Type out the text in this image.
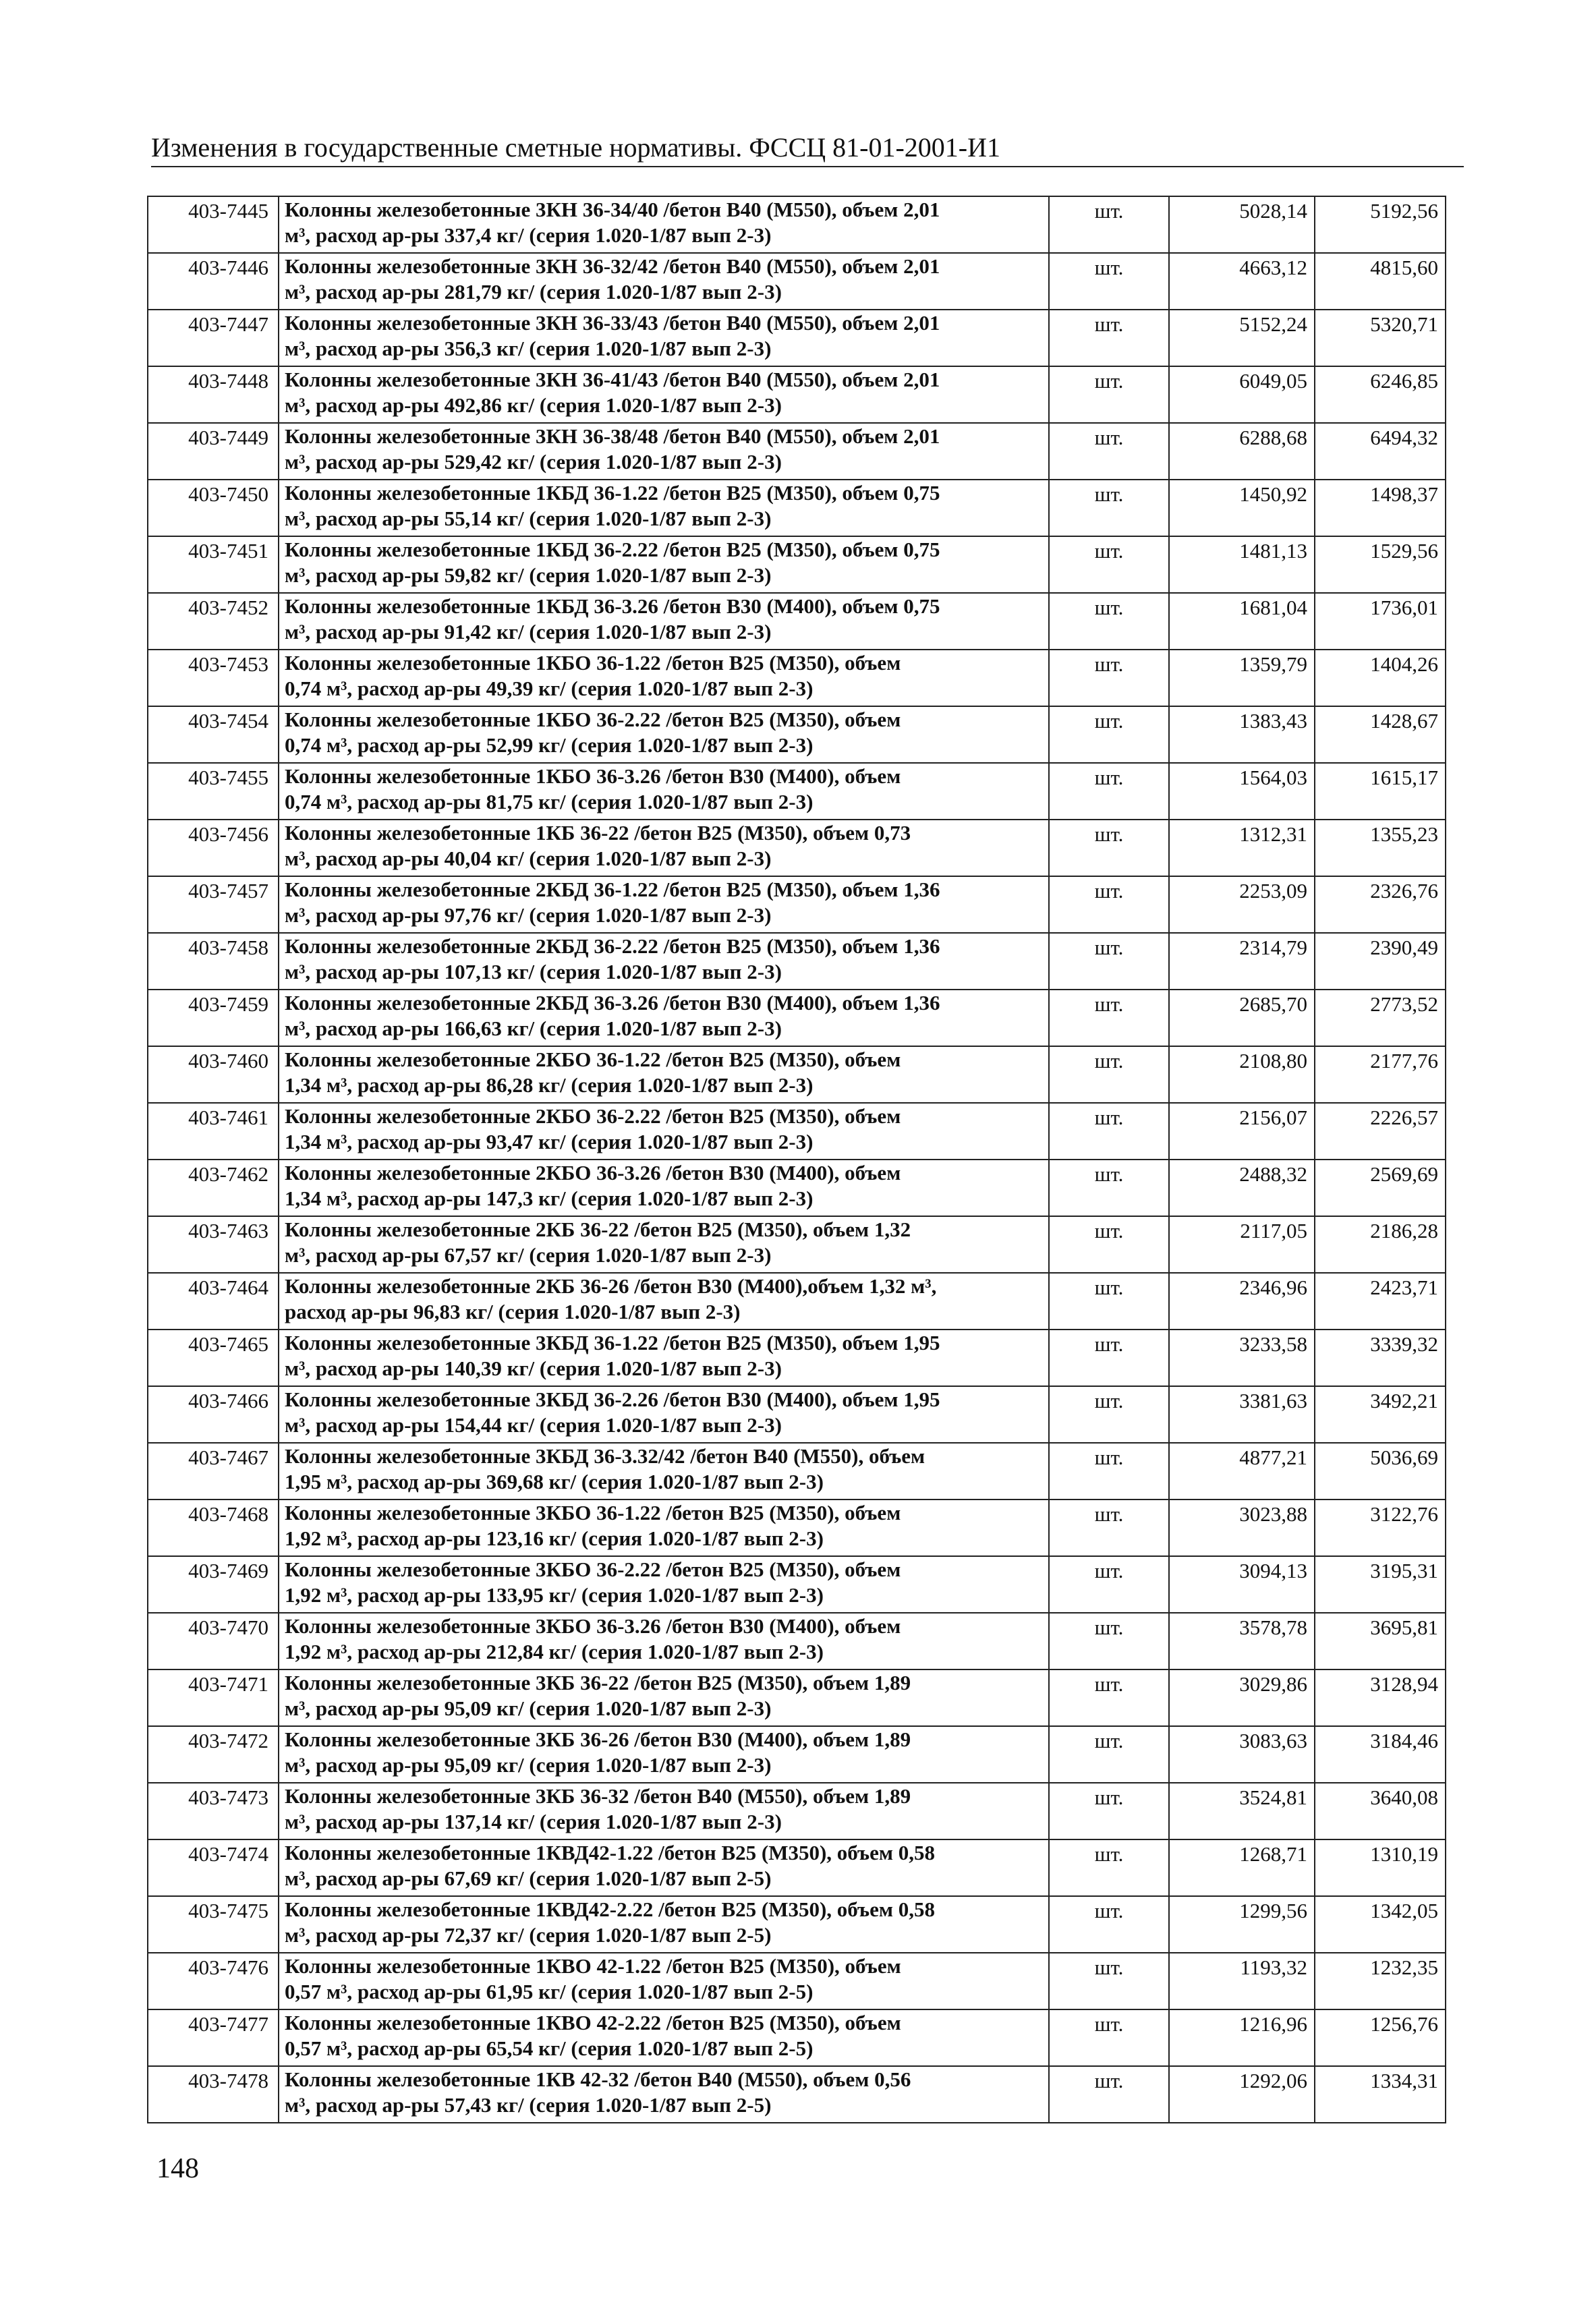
Изменения в государственные сметные нормативы. ФССЦ 81-01-2001-И1
403-7445	Колонны железобетонные 3КН 36-34/40 /бетон В40 (М550), объем 2,01
м³, расход ар-ры 337,4 кг/ (серия 1.020-1/87 вып 2-3)	шт.	5028,14	5192,56
403-7446	Колонны железобетонные 3КН 36-32/42 /бетон В40 (М550), объем 2,01
м³, расход ар-ры 281,79 кг/ (серия 1.020-1/87 вып 2-3)	шт.	4663,12	4815,60
403-7447	Колонны железобетонные 3КН 36-33/43 /бетон В40 (М550), объем 2,01
м³, расход ар-ры 356,3 кг/ (серия 1.020-1/87 вып 2-3)	шт.	5152,24	5320,71
403-7448	Колонны железобетонные 3КН 36-41/43 /бетон В40 (М550), объем 2,01
м³, расход ар-ры 492,86 кг/ (серия 1.020-1/87 вып 2-3)	шт.	6049,05	6246,85
403-7449	Колонны железобетонные 3КН 36-38/48 /бетон В40 (М550), объем 2,01
м³, расход ар-ры 529,42 кг/ (серия 1.020-1/87 вып 2-3)	шт.	6288,68	6494,32
403-7450	Колонны железобетонные 1КБД 36-1.22 /бетон В25 (М350), объем 0,75
м³, расход ар-ры 55,14 кг/ (серия 1.020-1/87 вып 2-3)	шт.	1450,92	1498,37
403-7451	Колонны железобетонные 1КБД 36-2.22 /бетон В25 (М350), объем 0,75
м³, расход ар-ры 59,82 кг/ (серия 1.020-1/87 вып 2-3)	шт.	1481,13	1529,56
403-7452	Колонны железобетонные 1КБД 36-3.26 /бетон В30 (М400), объем 0,75
м³, расход ар-ры 91,42 кг/ (серия 1.020-1/87 вып 2-3)	шт.	1681,04	1736,01
403-7453	Колонны железобетонные 1КБО 36-1.22 /бетон В25 (М350), объем
0,74 м³, расход ар-ры 49,39 кг/ (серия 1.020-1/87 вып 2-3)	шт.	1359,79	1404,26
403-7454	Колонны железобетонные 1КБО 36-2.22 /бетон В25 (М350), объем
0,74 м³, расход ар-ры 52,99 кг/ (серия 1.020-1/87 вып 2-3)	шт.	1383,43	1428,67
403-7455	Колонны железобетонные 1КБО 36-3.26 /бетон В30 (М400), объем
0,74 м³, расход ар-ры 81,75 кг/ (серия 1.020-1/87 вып 2-3)	шт.	1564,03	1615,17
403-7456	Колонны железобетонные 1КБ 36-22 /бетон В25 (М350), объем 0,73
м³, расход ар-ры 40,04 кг/ (серия 1.020-1/87 вып 2-3)	шт.	1312,31	1355,23
403-7457	Колонны железобетонные 2КБД 36-1.22 /бетон В25 (М350), объем 1,36
м³, расход ар-ры 97,76 кг/ (серия 1.020-1/87 вып 2-3)	шт.	2253,09	2326,76
403-7458	Колонны железобетонные 2КБД 36-2.22 /бетон В25 (М350), объем 1,36
м³, расход ар-ры 107,13 кг/ (серия 1.020-1/87 вып 2-3)	шт.	2314,79	2390,49
403-7459	Колонны железобетонные 2КБД 36-3.26 /бетон В30 (М400), объем 1,36
м³, расход ар-ры 166,63 кг/ (серия 1.020-1/87 вып 2-3)	шт.	2685,70	2773,52
403-7460	Колонны железобетонные 2КБО 36-1.22 /бетон В25 (М350), объем
1,34 м³, расход ар-ры 86,28 кг/ (серия 1.020-1/87 вып 2-3)	шт.	2108,80	2177,76
403-7461	Колонны железобетонные 2КБО 36-2.22 /бетон В25 (М350), объем
1,34 м³, расход ар-ры 93,47 кг/ (серия 1.020-1/87 вып 2-3)	шт.	2156,07	2226,57
403-7462	Колонны железобетонные 2КБО 36-3.26 /бетон В30 (М400), объем
1,34 м³, расход ар-ры 147,3 кг/ (серия 1.020-1/87 вып 2-3)	шт.	2488,32	2569,69
403-7463	Колонны железобетонные 2КБ 36-22 /бетон В25 (М350), объем 1,32
м³, расход ар-ры 67,57 кг/ (серия 1.020-1/87 вып 2-3)	шт.	2117,05	2186,28
403-7464	Колонны железобетонные 2КБ 36-26 /бетон В30 (М400),объем 1,32 м³,
расход ар-ры 96,83 кг/ (серия 1.020-1/87 вып 2-3)	шт.	2346,96	2423,71
403-7465	Колонны железобетонные 3КБД 36-1.22 /бетон В25 (М350), объем 1,95
м³, расход ар-ры 140,39 кг/ (серия 1.020-1/87 вып 2-3)	шт.	3233,58	3339,32
403-7466	Колонны железобетонные 3КБД 36-2.26 /бетон В30 (М400), объем 1,95
м³, расход ар-ры 154,44 кг/ (серия 1.020-1/87 вып 2-3)	шт.	3381,63	3492,21
403-7467	Колонны железобетонные 3КБД 36-3.32/42 /бетон В40 (М550), объем
1,95 м³, расход ар-ры 369,68 кг/ (серия 1.020-1/87 вып 2-3)	шт.	4877,21	5036,69
403-7468	Колонны железобетонные 3КБО 36-1.22 /бетон В25 (М350), объем
1,92 м³, расход ар-ры 123,16 кг/ (серия 1.020-1/87 вып 2-3)	шт.	3023,88	3122,76
403-7469	Колонны железобетонные 3КБО 36-2.22 /бетон В25 (М350), объем
1,92 м³, расход ар-ры 133,95 кг/ (серия 1.020-1/87 вып 2-3)	шт.	3094,13	3195,31
403-7470	Колонны железобетонные 3КБО 36-3.26 /бетон В30 (М400), объем
1,92 м³, расход ар-ры 212,84 кг/ (серия 1.020-1/87 вып 2-3)	шт.	3578,78	3695,81
403-7471	Колонны железобетонные 3КБ 36-22 /бетон В25 (М350), объем 1,89
м³, расход ар-ры 95,09 кг/ (серия 1.020-1/87 вып 2-3)	шт.	3029,86	3128,94
403-7472	Колонны железобетонные 3КБ 36-26 /бетон В30 (М400), объем 1,89
м³, расход ар-ры 95,09 кг/ (серия 1.020-1/87 вып 2-3)	шт.	3083,63	3184,46
403-7473	Колонны железобетонные 3КБ 36-32 /бетон В40 (М550), объем 1,89
м³, расход ар-ры 137,14 кг/ (серия 1.020-1/87 вып 2-3)	шт.	3524,81	3640,08
403-7474	Колонны железобетонные 1КВД42-1.22 /бетон В25 (М350), объем 0,58
м³, расход ар-ры 67,69 кг/ (серия 1.020-1/87 вып 2-5)	шт.	1268,71	1310,19
403-7475	Колонны железобетонные 1КВД42-2.22 /бетон В25 (М350), объем 0,58
м³, расход ар-ры 72,37 кг/ (серия 1.020-1/87 вып 2-5)	шт.	1299,56	1342,05
403-7476	Колонны железобетонные 1КВО 42-1.22 /бетон В25 (М350), объем
0,57 м³, расход ар-ры 61,95 кг/ (серия 1.020-1/87 вып 2-5)	шт.	1193,32	1232,35
403-7477	Колонны железобетонные 1КВО 42-2.22 /бетон В25 (М350), объем
0,57 м³, расход ар-ры 65,54 кг/ (серия 1.020-1/87 вып 2-5)	шт.	1216,96	1256,76
403-7478	Колонны железобетонные 1КВ 42-32 /бетон В40 (М550), объем 0,56
м³, расход ар-ры 57,43 кг/ (серия 1.020-1/87 вып 2-5)	шт.	1292,06	1334,31
148
